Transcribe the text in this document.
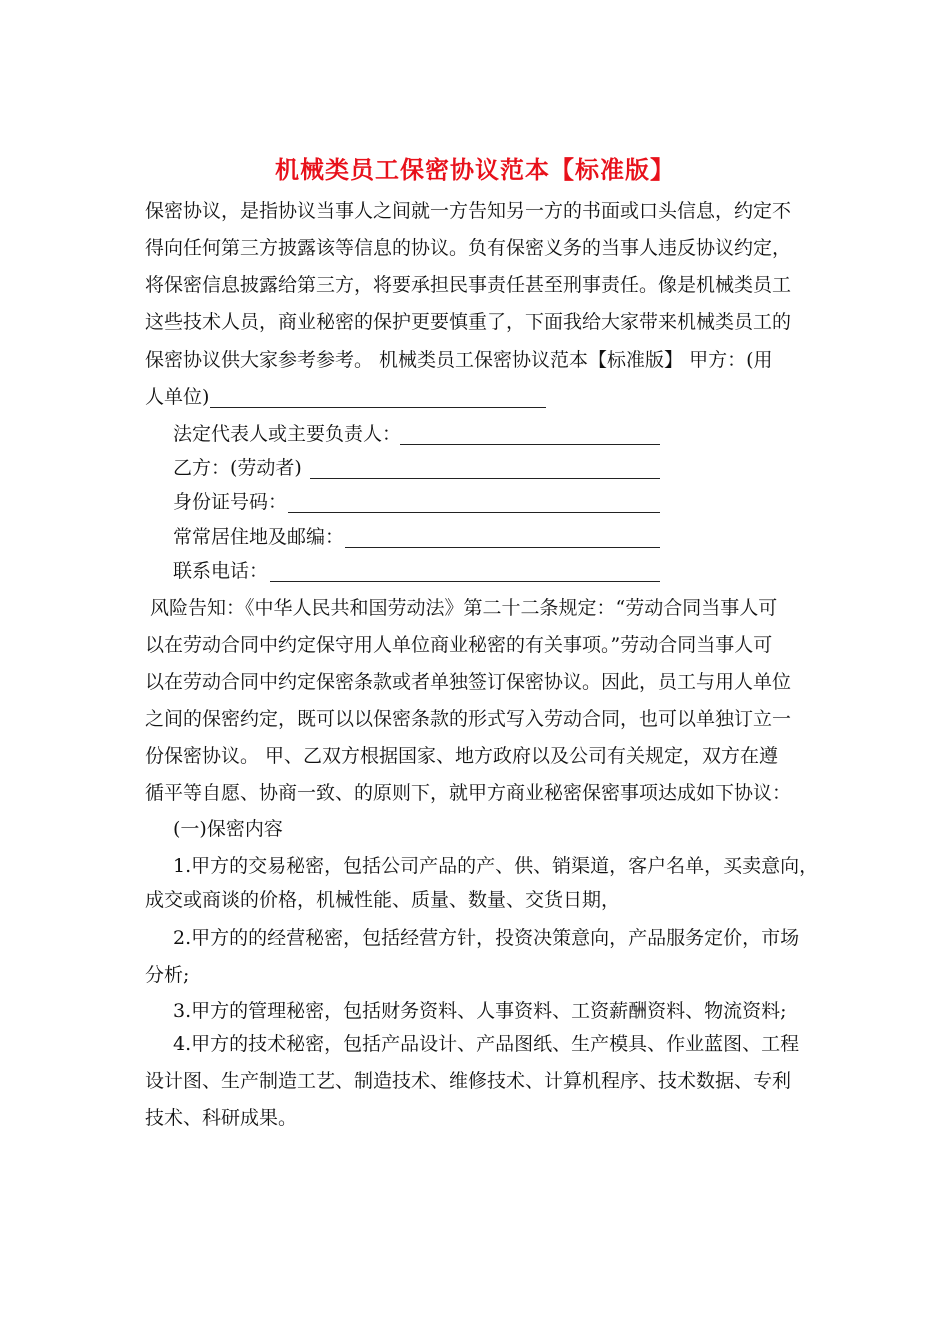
机械类员工保密协议范本【标准版】
保密协议，是指协议当事人之间就一方告知另一方的书面或口头信息，约定不
得向任何第三方披露该等信息的协议。负有保密义务的当事人违反协议约定，
将保密信息披露给第三方，将要承担民事责任甚至刑事责任。像是机械类员工
这些技术人员，商业秘密的保护更要慎重了，下面我给大家带来机械类员工的
保密协议供大家参考参考。 机械类员工保密协议范本【标准版】 甲方：(用
人单位)
法定代表人或主要负责人：
乙方：(劳动者)
身份证号码：
常常居住地及邮编：
联系电话：
风险告知：《中华人民共和国劳动法》第二十二条规定：“劳动合同当事人可
以在劳动合同中约定保守用人单位商业秘密的有关事项。”劳动合同当事人可
以在劳动合同中约定保密条款或者单独签订保密协议。因此，员工与用人单位
之间的保密约定，既可以以保密条款的形式写入劳动合同，也可以单独订立一
份保密协议。 甲、乙双方根据国家、地方政府以及公司有关规定，双方在遵
循平等自愿、协商一致、的原则下，就甲方商业秘密保密事项达成如下协议：
(一)保密内容
1.甲方的交易秘密，包括公司产品的产、供、销渠道，客户名单，买卖意向，
成交或商谈的价格，机械性能、质量、数量、交货日期，
2.甲方的的经营秘密，包括经营方针，投资决策意向，产品服务定价，市场
分析;
3.甲方的管理秘密，包括财务资料、人事资料、工资薪酬资料、物流资料;
4.甲方的技术秘密，包括产品设计、产品图纸、生产模具、作业蓝图、工程
设计图、生产制造工艺、制造技术、维修技术、计算机程序、技术数据、专利
技术、科研成果。
